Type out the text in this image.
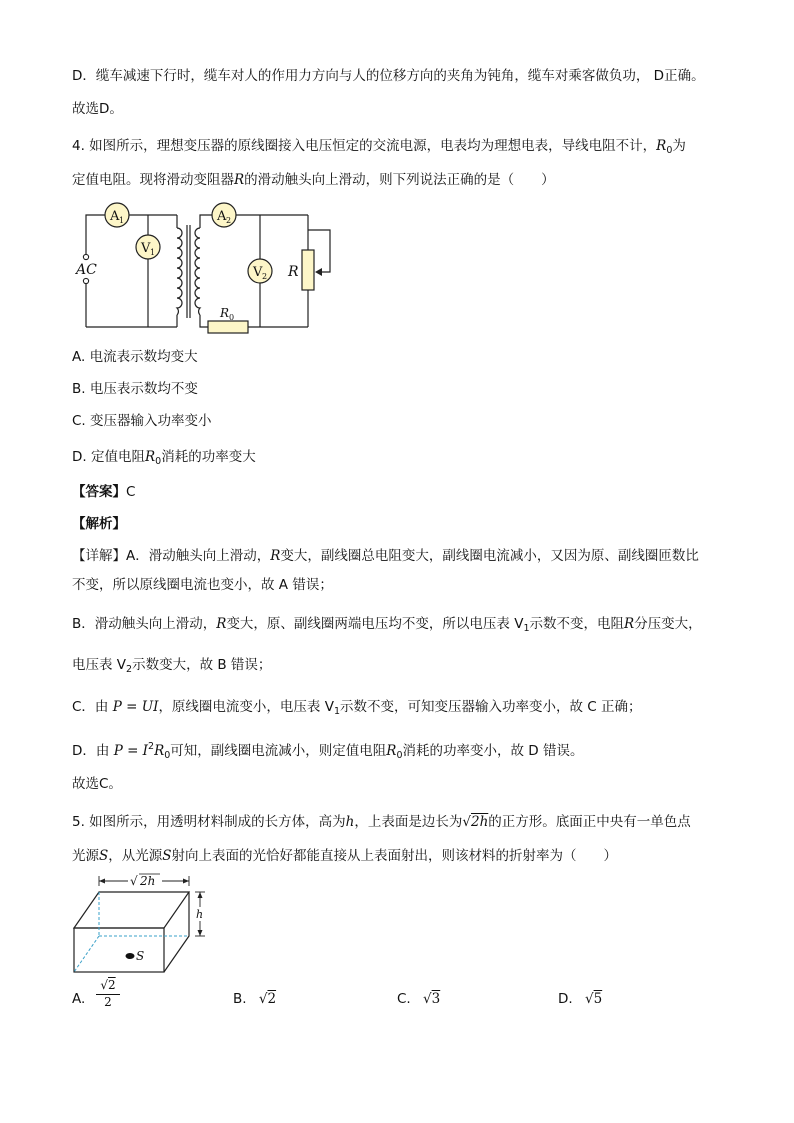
D．缆车减速下行时，缆车对人的作用力方向与人的位移方向的夹角为钝角，缆车对乘客做负功， D正确。
故选D。
4. 如图所示，理想变压器的原线圈接入电压恒定的交流电源，电表均为理想电表，导线电阻不计，$R_0$为
定值电阻。现将滑动变阻器R的滑动触头向上滑动，则下列说法正确的是（　　）
AC
A 1
V 1
A 2
V 2 R
R 0
A. 电流表示数均变大
B. 电压表示数均不变
C. 变压器输入功率变小
D. 定值电阻$R_0$消耗的功率变大
【答案】C
【解析】
【详解】A．滑动触头向上滑动，R变大，副线圈总电阻变大，副线圈电流减小，又因为原、副线圈匝数比
不变，所以原线圈电流也变小，故 A 错误；
B．滑动触头向上滑动，R变大，原、副线圈两端电压均不变，所以电压表 $V_1$示数不变，电阻R分压变大，
电压表 $V_2$示数变大，故 B 错误；
C．由 P = UI，原线圈电流变小，电压表 $V_1$示数不变，可知变压器输入功率变小，故 C 正确；
D．由 $P = I^2R_0$可知，副线圈电流减小，则定值电阻$R_0$消耗的功率变小，故 D 错误。
故选C。
5. 如图所示，用透明材料制成的长方体，高为h，上表面是边长为√2h的正方形。底面正中央有一单色点
光源S，从光源S射向上表面的光恰好都能直接从上表面射出，则该材料的折射率为（　　）
√ 2h
h
S
A. $\frac{√2}{2}$	B. √2	C. √3	D. √5
